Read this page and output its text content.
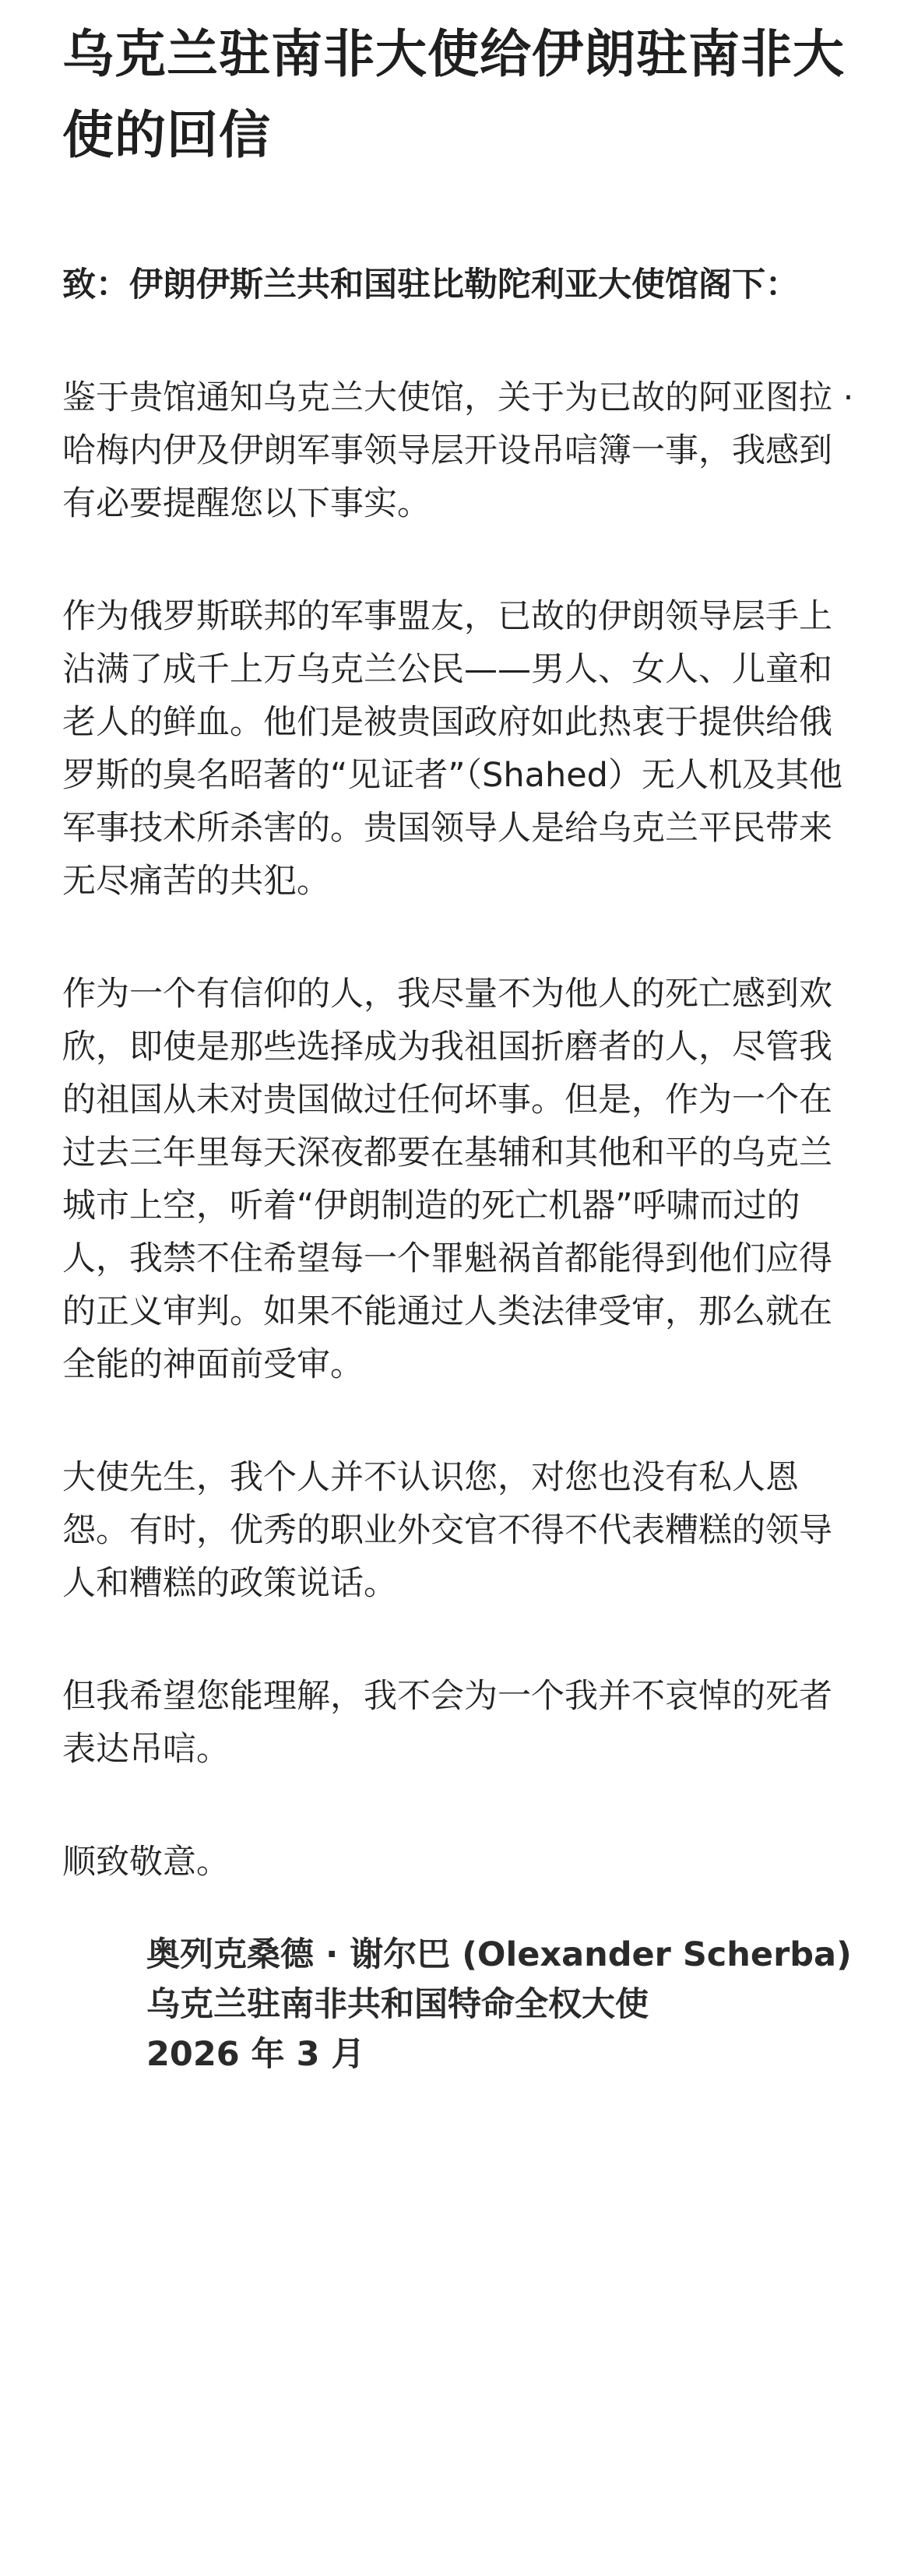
乌克兰驻南非大使给伊朗驻南非大使的回信
致：伊朗伊斯兰共和国驻比勒陀利亚大使馆阁下：

鉴于贵馆通知乌克兰大使馆，关于为已故的阿亚图拉 · 哈梅内伊及伊朗军事领导层开设吊唁簿一事，我感到有必要提醒您以下事实。

作为俄罗斯联邦的军事盟友，已故的伊朗领导层手上沾满了成千上万乌克兰公民——男人、女人、儿童和老人的鲜血。他们是被贵国政府如此热衷于提供给俄罗斯的臭名昭著的“见证者”（Shahed）无人机及其他军事技术所杀害的。贵国领导人是给乌克兰平民带来无尽痛苦的共犯。

作为一个有信仰的人，我尽量不为他人的死亡感到欢欣，即使是那些选择成为我祖国折磨者的人，尽管我的祖国从未对贵国做过任何坏事。但是，作为一个在过去三年里每天深夜都要在基辅和其他和平的乌克兰城市上空，听着“伊朗制造的死亡机器”呼啸而过的人，我禁不住希望每一个罪魁祸首都能得到他们应得的正义审判。如果不能通过人类法律受审，那么就在全能的神面前受审。

大使先生，我个人并不认识您，对您也没有私人恩怨。有时，优秀的职业外交官不得不代表糟糕的领导人和糟糕的政策说话。

但我希望您能理解，我不会为一个我并不哀悼的死者表达吊唁。

顺致敬意。

奥列克桑德 · 谢尔巴 (Olexander Scherba)
乌克兰驻南非共和国特命全权大使
2026 年 3 月
